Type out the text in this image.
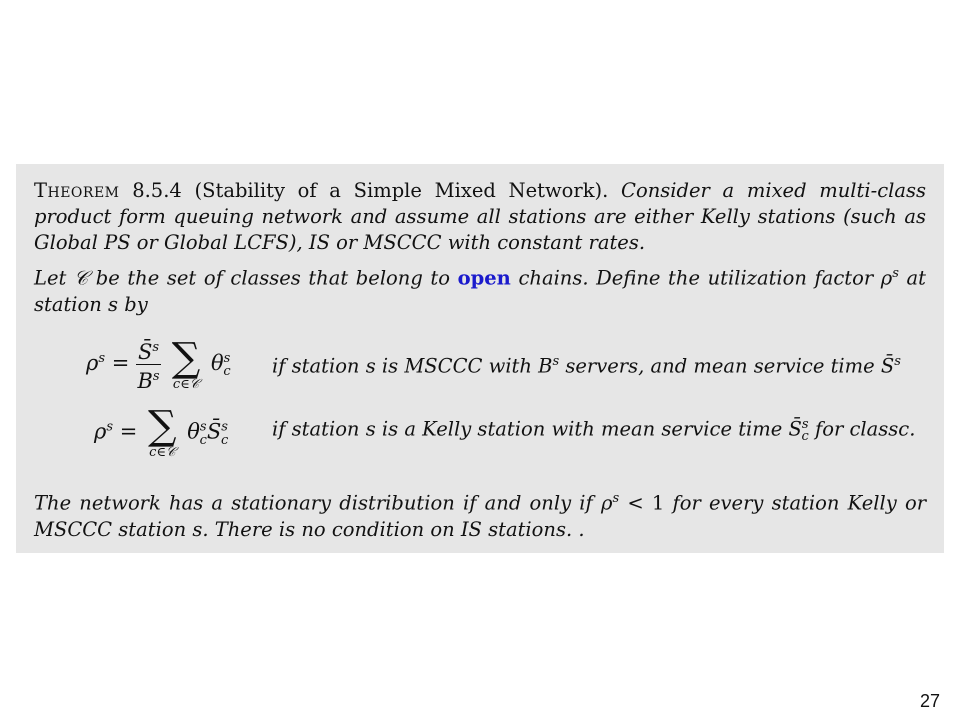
Theorem 8.5.4 (Stability of a Simple Mixed Network). Consider a mixed multi-class product form queuing network and assume all stations are either Kelly stations (such as Global PS or Global LCFS), IS or MSCCC with constant rates.

Let 𝒞 be the set of classes that belong to open chains. Define the utilization factor $\rho^s$ at station s by

$\rho^s = \frac{S̄^s}{B^s}$
∑
c∈𝒞
$\theta^s_c$ if station s is MSCCC with $B^s$ servers, and mean service time S̄$^s$
$\rho^s$ = ∑
c∈𝒞
$\theta^s_cS̄^s_c$ if station s is a Kelly station with mean service time S̄$^s_c$ for classc.

The network has a stationary distribution if and only if $\rho^s < 1$ for every station Kelly or MSCCC station s. There is no condition on IS stations. .

27
